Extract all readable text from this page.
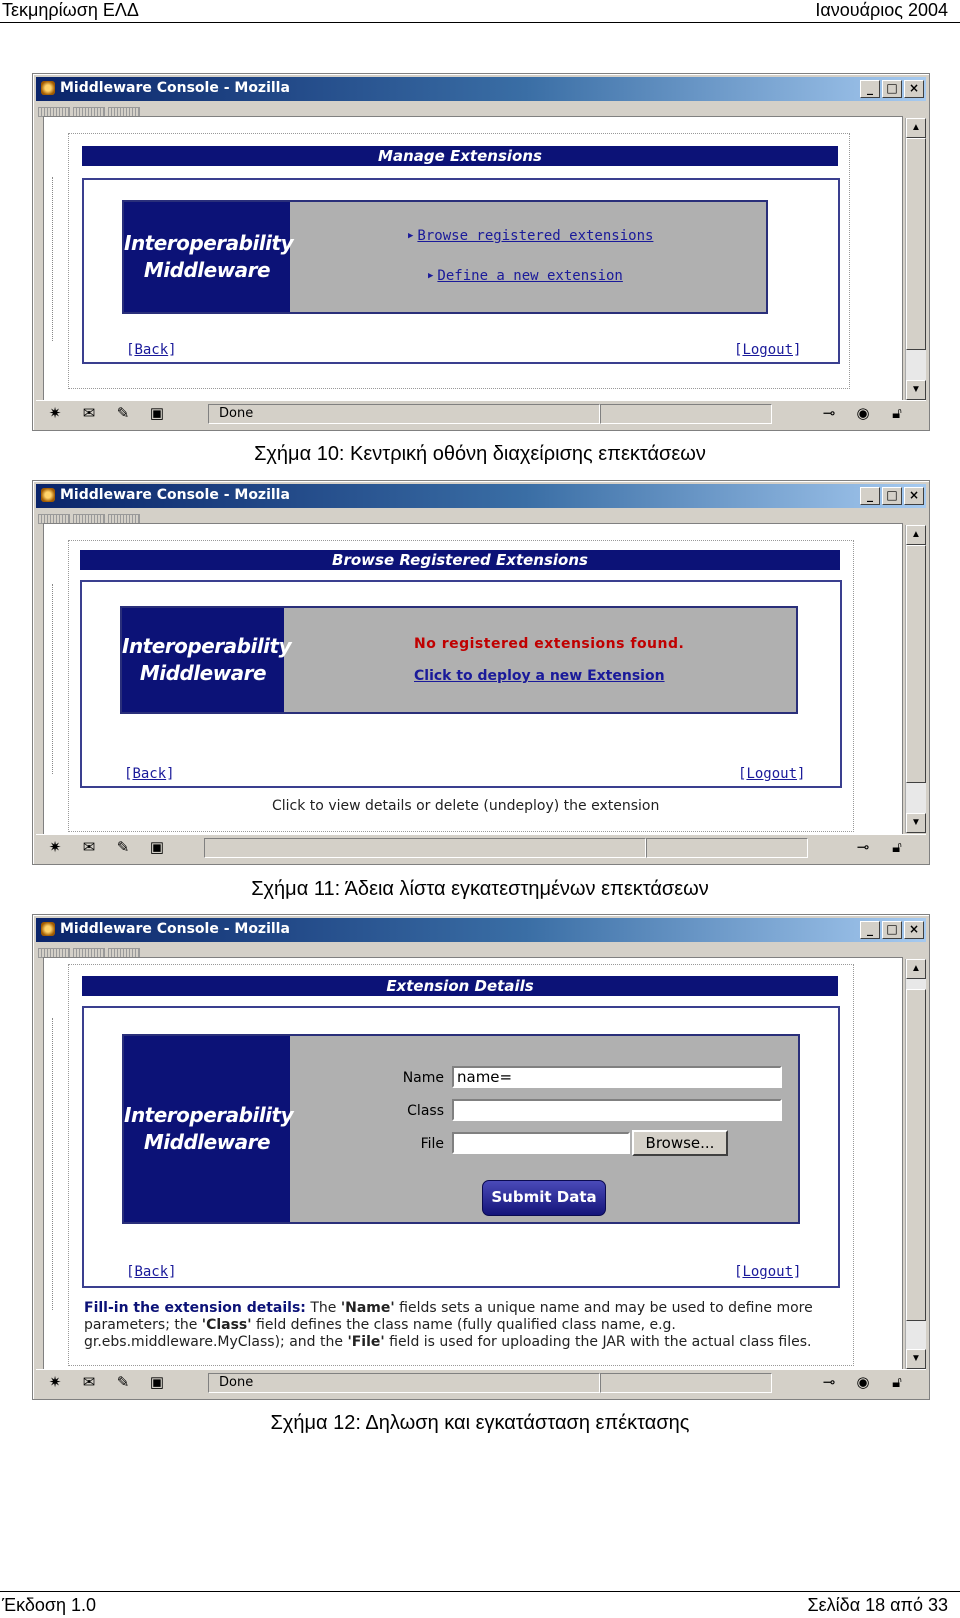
Τεκμηρίωση ΕΛΔ	Ιανουάριος 2004
Middleware Console - Mozilla	_ □ ×
Manage Extensions
Interoperability
Middleware
▶ Browse registered extensions
▶ Define a new extension
[Back]	[Logout]
▲
▼
✷ ✉ ✎ ▣	Done	⊸ ◉ 🔓︎
Σχήμα 10: Κεντρική οθόνη διαχείρισης επεκτάσεων
Middleware Console - Mozilla	_ □ ×
Browse Registered Extensions
Interoperability
Middleware
No registered extensions found.
Click to deploy a new Extension
[Back]	[Logout]
Click to view details or delete (undeploy) the extension
▲
▼
✷ ✉ ✎ ▣	⊸ 🔓︎
Σχήμα 11: Άδεια λίστα εγκατεστημένων επεκτάσεων
Middleware Console - Mozilla	_ □ ×
Extension Details
Interoperability
Middleware
Name name=
Class
File	Browse...
Submit Data
[Back]	[Logout]
Fill-in the extension details: The 'Name' fields sets a unique name and may be used to define more parameters; the 'Class' field defines the class name (fully qualified class name, e.g. gr.ebs.middleware.MyClass); and the 'File' field is used for uploading the JAR with the actual class files.
▲
▼
✷ ✉ ✎ ▣	Done	⊸ ◉ 🔓︎
Σχήμα 12: Δηλωση και εγκατάσταση επέκτασης
Έκδοση 1.0	Σελίδα 18 από 33
